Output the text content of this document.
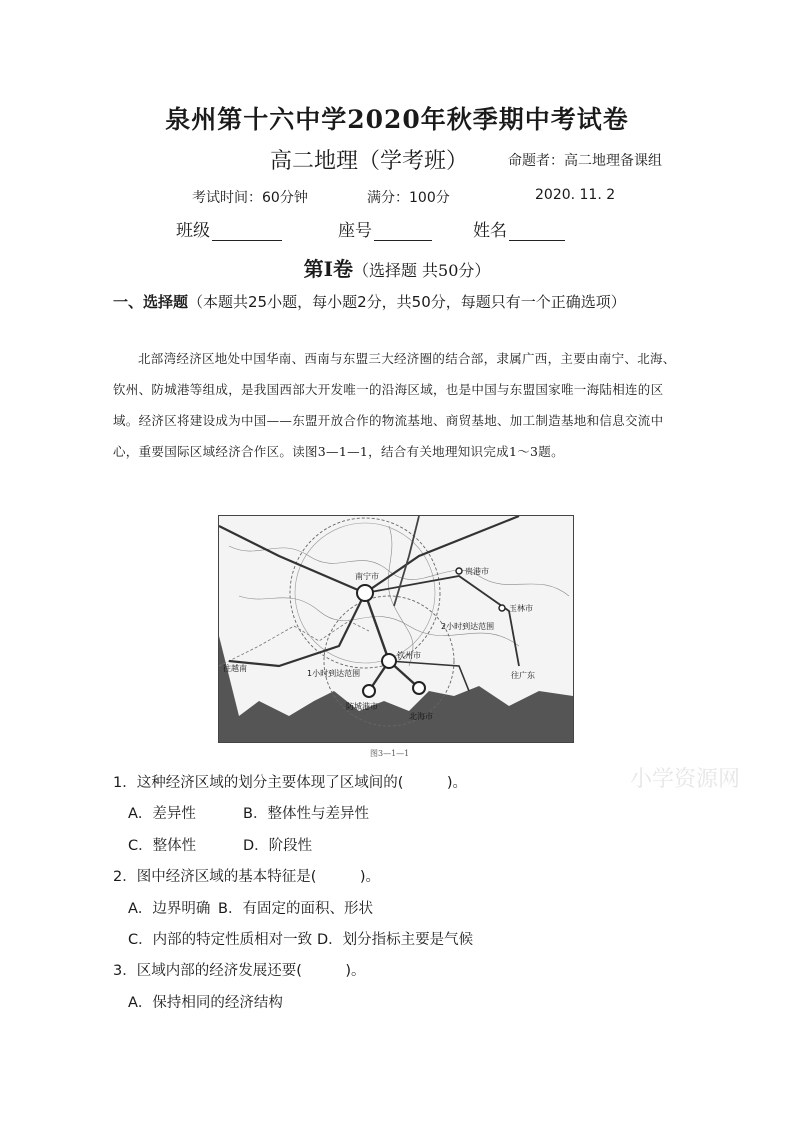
泉州第十六中学2020年秋季期中考试卷
高二地理（学考班）	命题者：高二地理备课组
考试时间：60分钟	满分：100分	2020. 11. 2
班级	座号	姓名
第Ⅰ卷（选择题 共50分）
一、选择题（本题共25小题，每小题2分，共50分，每题只有一个正确选项）

北部湾经济区地处中国华南、西南与东盟三大经济圈的结合部，隶属广西，主要由南宁、北海、钦州、防城港等组成，是我国西部大开发唯一的沿海区域，也是中国与东盟国家唯一海陆相连的区域。经济区将建设成为中国——东盟开放合作的物流基地、商贸基地、加工制造基地和信息交流中心，重要国际区域经济合作区。读图3—1—1，结合有关地理知识完成1～3题。

南宁市
贵港市
玉林市
钦州市
防城港市
北海市
往越南
往广东
1小时到达范围
2小时到达范围
图3—1—1
小学资源网
1．这种经济区域的划分主要体现了区域间的(　　　)。
A．差异性	B．整体性与差异性
C．整体性	D．阶段性
2．图中经济区域的基本特征是(　　　)。
A．边界明确 B．有固定的面积、形状
C．内部的特定性质相对一致 D．划分指标主要是气候
3．区域内部的经济发展还要(　　　)。
A．保持相同的经济结构
